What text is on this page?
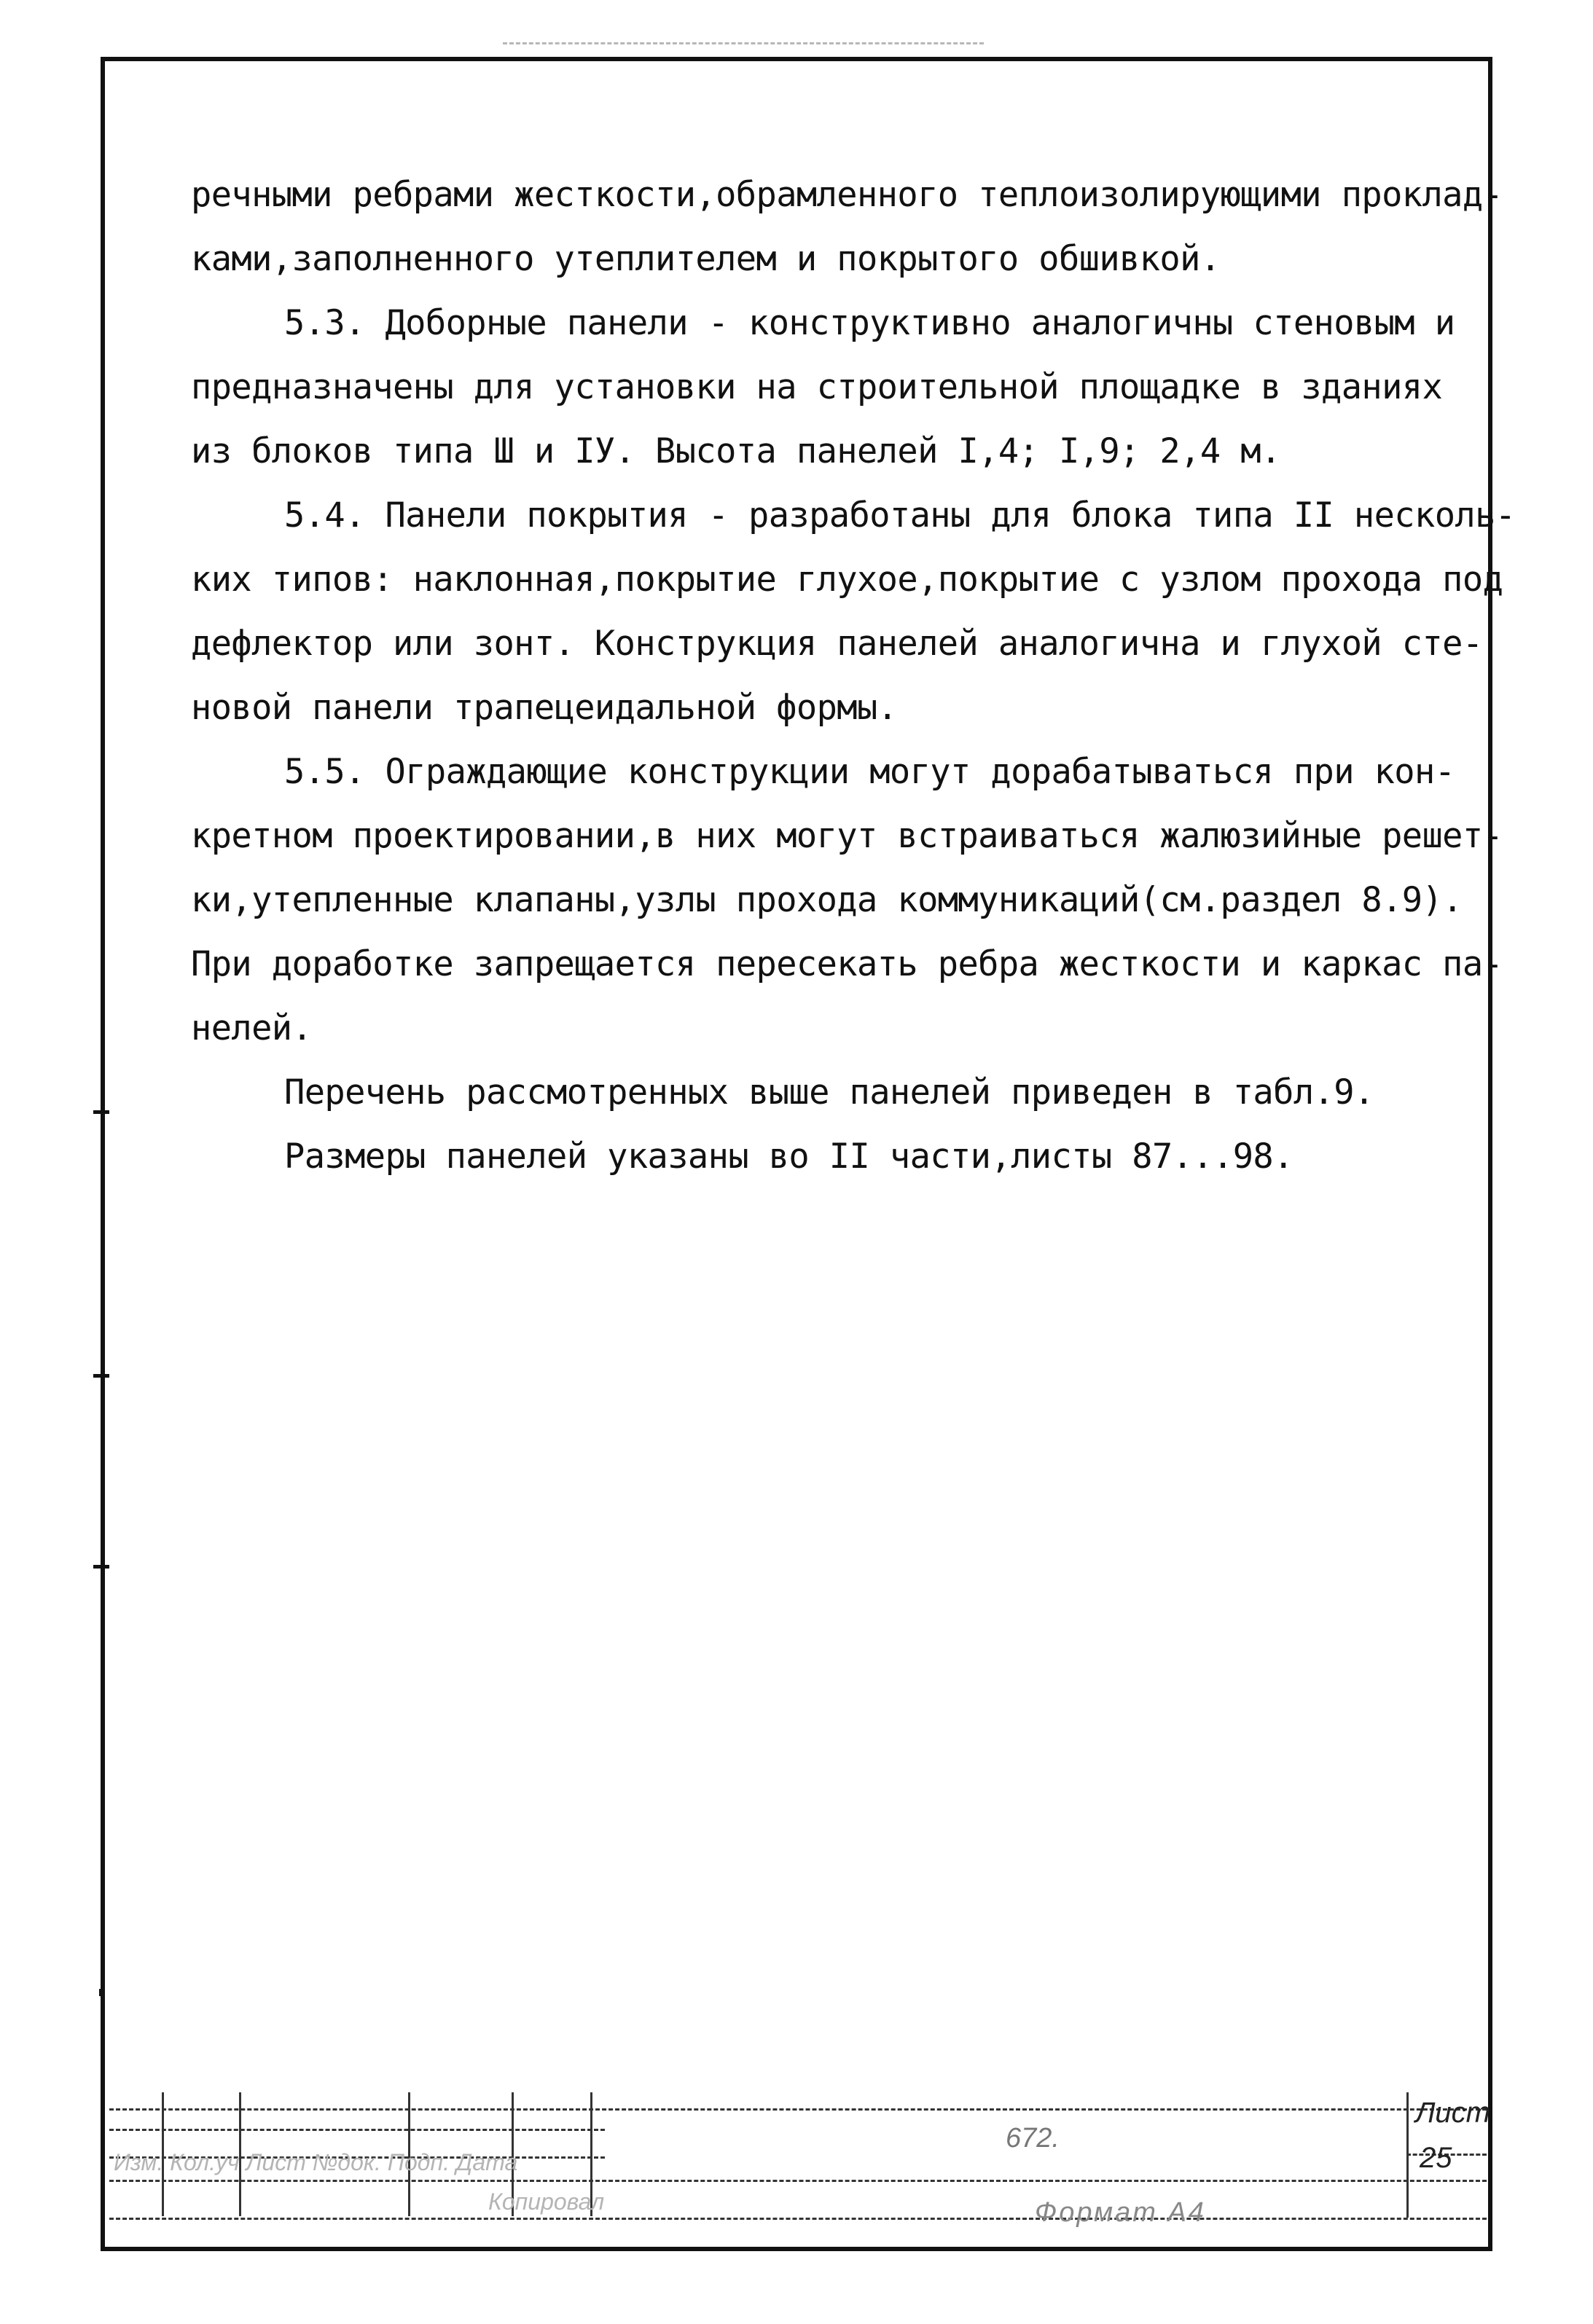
речными ребрами жесткости,обрамленного теплоизолирующими проклад-
ками,заполненного утеплителем и покрытого обшивкой.
5.3. Доборные панели - конструктивно аналогичны стеновым и
предназначены для установки на строительной площадке в зданиях
из блоков типа Ш и IУ. Высота панелей I,4; I,9; 2,4 м.
5.4. Панели покрытия - разработаны для блока типа II несколь-
ких типов: наклонная,покрытие глухое,покрытие с узлом прохода под
дефлектор или зонт. Конструкция панелей аналогична и глухой сте-
новой панели трапецеидальной формы.
5.5. Ограждающие конструкции могут дорабатываться при кон-
кретном проектировании,в них могут встраиваться жалюзийные решет-
ки,утепленные клапаны,узлы прохода коммуникаций(см.раздел 8.9).
При доработке запрещается пересекать ребра жесткости и каркас па-
нелей.
Перечень рассмотренных выше панелей приведен в табл.9.
Размеры панелей указаны во II части,листы 87...98.
Изм. Кол.уч Лист №док. Подп. Дата
Копировал
672.
Лист
25
Формат А4
